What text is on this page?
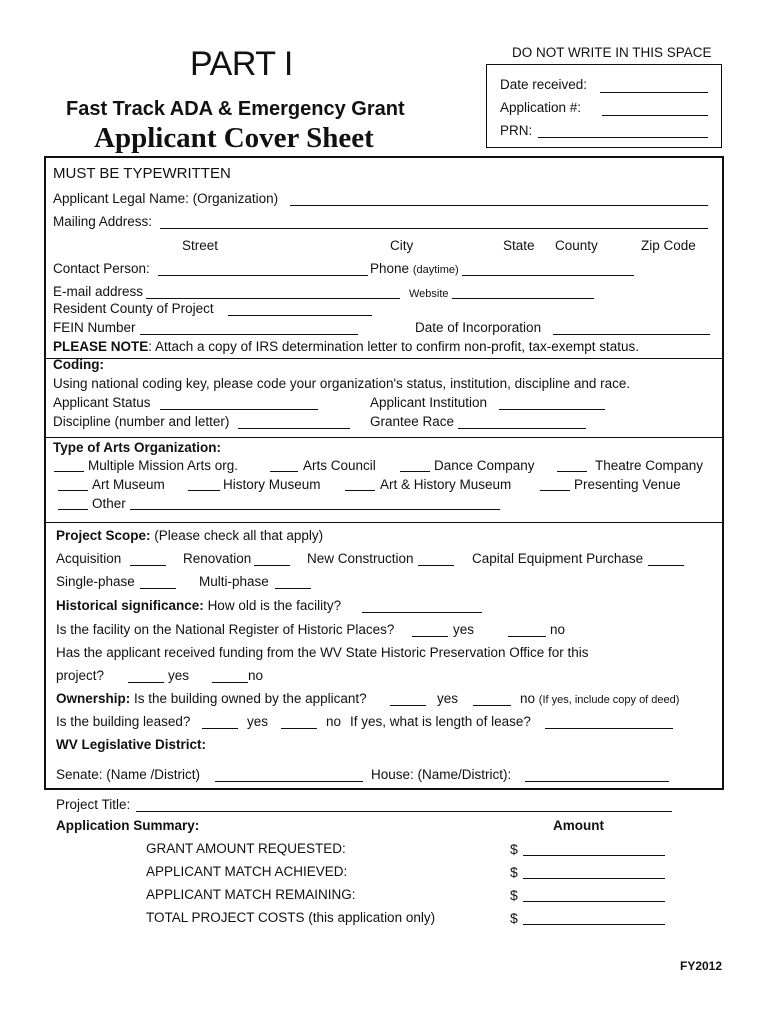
PART I
Fast Track ADA & Emergency Grant
Applicant Cover Sheet
DO NOT WRITE IN THIS SPACE
Date received:
Application #:
PRN:
MUST BE TYPEWRITTEN
Applicant Legal Name: (Organization)
Mailing Address:
Street	City	State County	Zip Code
Contact Person:	Phone (daytime)
E-mail address	Website
Resident County of Project
FEIN Number	Date of Incorporation
PLEASE NOTE: Attach a copy of IRS determination letter to confirm non-profit, tax-exempt status.
Coding:
Using national coding key, please code your organization's status, institution, discipline and race.
Applicant Status	Applicant Institution
Discipline (number and letter)	Grantee Race
Type of Arts Organization:
Multiple Mission Arts org.	Arts Council	Dance Company	Theatre Company
Art Museum	History Museum	Art & History Museum	Presenting Venue
Other
Project Scope: (Please check all that apply)
Acquisition	Renovation	New Construction	Capital Equipment Purchase
Single-phase	Multi-phase
Historical significance: How old is the facility?
Is the facility on the National Register of Historic Places?	yes	no
Has the applicant received funding from the WV State Historic Preservation Office for this
project?	yes	no
Ownership: Is the building owned by the applicant?	yes	no (If yes, include copy of deed)
Is the building leased?	yes	no If yes, what is length of lease?
WV Legislative District:
Senate: (Name /District)	House: (Name/District):
Project Title:
Application Summary:	Amount
GRANT AMOUNT REQUESTED:	$
APPLICANT MATCH ACHIEVED:	$
APPLICANT MATCH REMAINING:	$
TOTAL PROJECT COSTS (this application only)	$
FY2012
